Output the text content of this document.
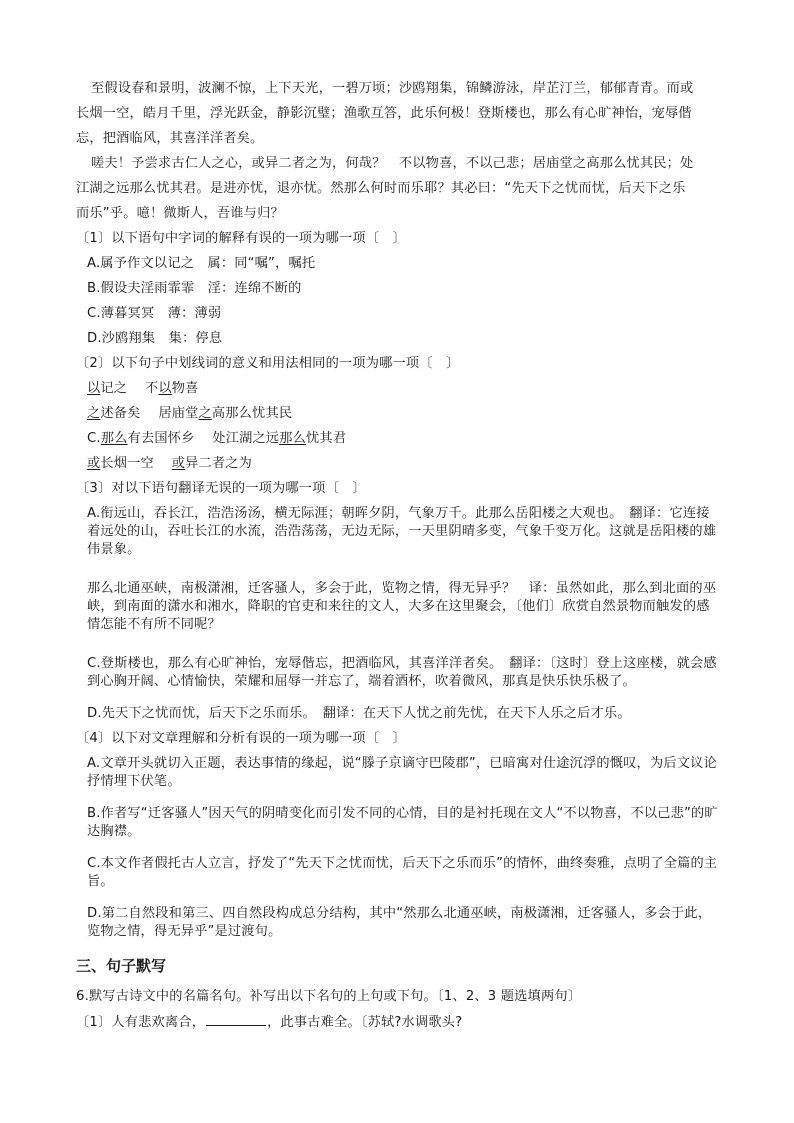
至假设春和景明，波澜不惊，上下天光，一碧万顷；沙鸥翔集，锦鳞游泳，岸芷汀兰，郁郁青青。而或
长烟一空，皓月千里，浮光跃金，静影沉璧；渔歌互答，此乐何极！登斯楼也，那么有心旷神怡，宠辱偕
忘，把酒临风，其喜洋洋者矣。
嗟夫！予尝求古仁人之心，或异二者之为，何哉？　不以物喜，不以己悲；居庙堂之高那么忧其民；处
江湖之远那么忧其君。是进亦忧，退亦忧。然那么何时而乐耶？其必曰：“先天下之忧而忧，后天下之乐
而乐”乎。噫！微斯人，吾谁与归？
〔1〕以下语句中字词的解释有误的一项为哪一项〔　〕
A.属予作文以记之　属：同“嘱”，嘱托
B.假设夫淫雨霏霏　淫：连绵不断的
C.薄暮冥冥　薄：薄弱
D.沙鸥翔集　集：停息
〔2〕以下句子中划线词的意义和用法相同的一项为哪一项〔　〕
以记之　 不以物喜
之述备矣　 居庙堂之高那么忧其民
C.那么有去国怀乡　 处江湖之远那么忧其君
或长烟一空　 或异二者之为
〔3〕对以下语句翻译无误的一项为哪一项〔　〕

A.衔远山，吞长江，浩浩汤汤，横无际涯；朝晖夕阴，气象万千。此那么岳阳楼之大观也。　翻译：它连接着远处的山，吞吐长江的水流，浩浩荡荡，无边无际，一天里阴晴多变，气象千变万化。这就是岳阳楼的雄伟景象。

那么北通巫峡，南极潇湘，迁客骚人，多会于此，览物之情，得无异乎？　译：虽然如此，那么到北面的巫峡，到南面的潇水和湘水，降职的官吏和来往的文人，大多在这里聚会，〔他们〕欣赏自然景物而触发的感情怎能不有所不同呢？

C.登斯楼也，那么有心旷神怡，宠辱偕忘，把酒临风，其喜洋洋者矣。　翻译：〔这时〕登上这座楼，就会感到心胸开阔、心情愉快，荣耀和屈辱一并忘了，端着酒杯，吹着微风，那真是快乐快乐极了。

D.先天下之忧而忧，后天下之乐而乐。　翻译：在天下人忧之前先忧，在天下人乐之后才乐。

〔4〕以下对文章理解和分析有误的一项为哪一项〔　〕

A.文章开头就切入正题，表达事情的缘起，说“滕子京谪守巴陵郡”，已暗寓对仕途沉浮的慨叹，为后文议论抒情埋下伏笔。

B.作者写“迁客骚人”因天气的阴晴变化而引发不同的心情，目的是衬托现在文人“不以物喜，不以己悲”的旷达胸襟。

C.本文作者假托古人立言，抒发了“先天下之忧而忧，后天下之乐而乐”的情怀，曲终奏雅，点明了全篇的主旨。

D.第二自然段和第三、四自然段构成总分结构，其中“然那么北通巫峡，南极潇湘，迁客骚人，多会于此，览物之情，得无异乎”是过渡句。

三、句子默写
6.默写古诗文中的名篇名句。补写出以下名句的上句或下句。〔1、2、3 题选填两句〕
〔1〕人有悲欢离合，	，此事古难全。〔苏轼?水调歌头?
